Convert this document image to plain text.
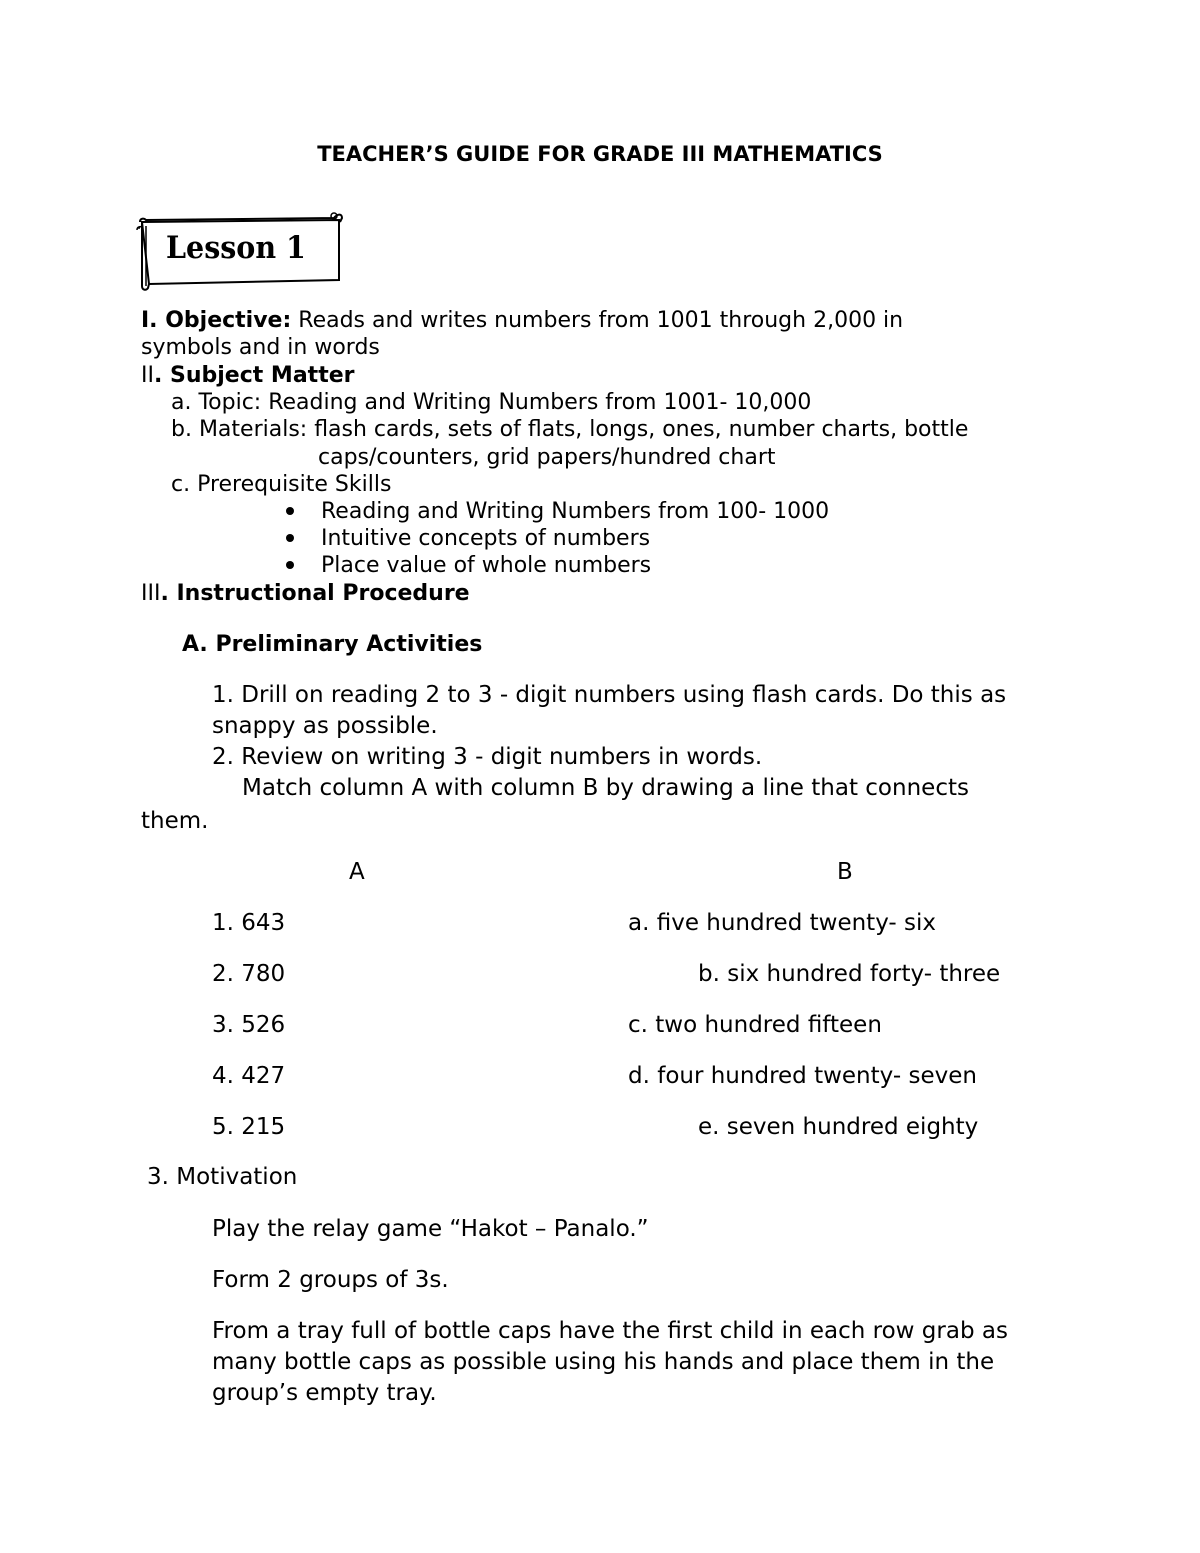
TEACHER’S GUIDE FOR GRADE III MATHEMATICS
Lesson 1
I. Objective: Reads and writes numbers from 1001 through 2,000 in
symbols and in words
II. Subject Matter
a. Topic: Reading and Writing Numbers from 1001- 10,000
b. Materials: flash cards, sets of flats, longs, ones, number charts, bottle
caps/counters, grid papers/hundred chart
c. Prerequisite Skills
Reading and Writing Numbers from 100- 1000
Intuitive concepts of numbers
Place value of whole numbers
III. Instructional Procedure
A. Preliminary Activities
1. Drill on reading 2 to 3 - digit numbers using flash cards. Do this as
snappy as possible.
2. Review on writing 3 - digit numbers in words.
Match column A with column B by drawing a line that connects
them.
A	B
1. 643
2. 780
3. 526
4. 427
5. 215
a. five hundred twenty- six
b. six hundred forty- three
c. two hundred fifteen
d. four hundred twenty- seven
e. seven hundred eighty
3. Motivation
Play the relay game “Hakot – Panalo.”
Form 2 groups of 3s.
From a tray full of bottle caps have the first child in each row grab as
many bottle caps as possible using his hands and place them in the
group’s empty tray.
